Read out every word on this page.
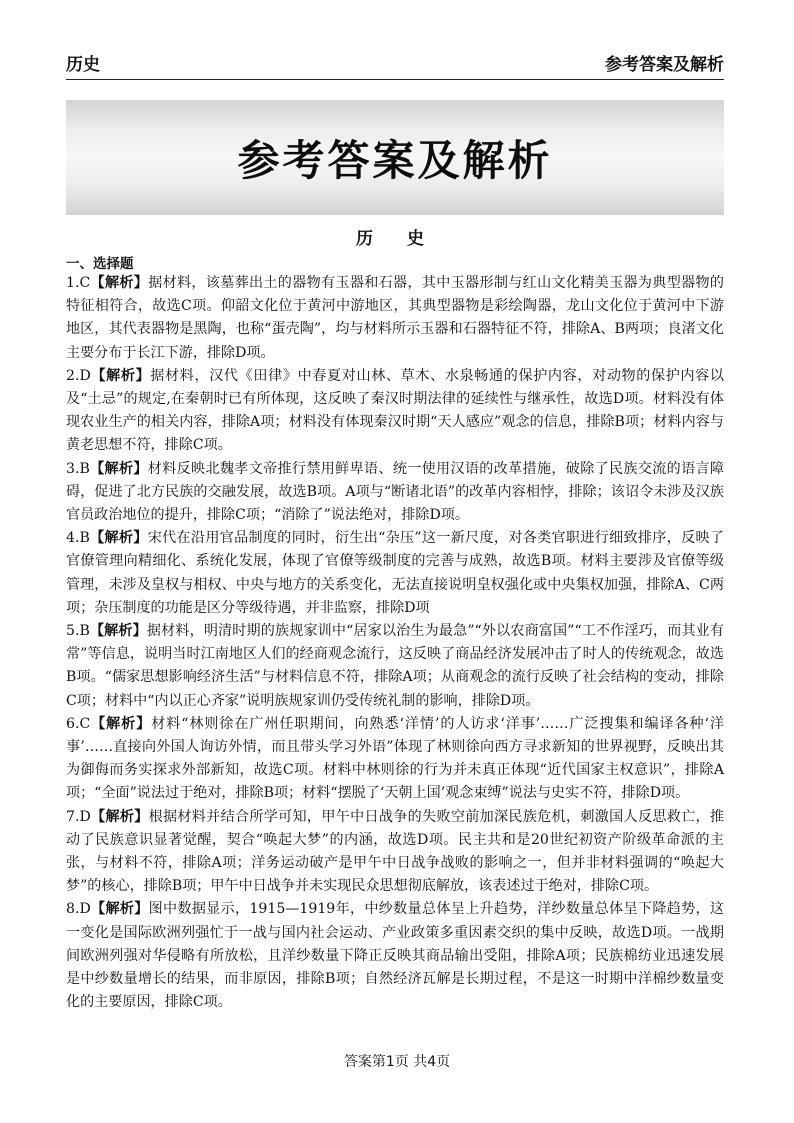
历史	参考答案及解析
参考答案及解析
历 史
一、选择题

1.C【解析】据材料，该墓葬出土的器物有玉器和石器，其中玉器形制与红山文化精美玉器为典型器物的特征相符合，故选C项。仰韶文化位于黄河中游地区，其典型器物是彩绘陶器，龙山文化位于黄河中下游地区，其代表器物是黑陶，也称“蛋壳陶”，均与材料所示玉器和石器特征不符，排除A、B两项；良渚文化主要分布于长江下游，排除D项。

2.D【解析】据材料，汉代《田律》中春夏对山林、草木、水泉畅通的保护内容，对动物的保护内容以及“土忌”的规定,在秦朝时已有所体现，这反映了秦汉时期法律的延续性与继承性，故选D项。材料没有体现农业生产的相关内容，排除A项；材料没有体现秦汉时期“天人感应”观念的信息，排除B项；材料内容与黄老思想不符，排除C项。

3.B【解析】材料反映北魏孝文帝推行禁用鲜卑语、统一使用汉语的改革措施，破除了民族交流的语言障碍，促进了北方民族的交融发展，故选B项。A项与“断诸北语”的改革内容相悖，排除；该诏令未涉及汉族官员政治地位的提升，排除C项；“消除了”说法绝对，排除D项。

4.B【解析】宋代在沿用官品制度的同时，衍生出“杂压”这一新尺度，对各类官职进行细致排序，反映了官僚管理向精细化、系统化发展，体现了官僚等级制度的完善与成熟，故选B项。材料主要涉及官僚等级管理，未涉及皇权与相权、中央与地方的关系变化，无法直接说明皇权强化或中央集权加强，排除A、C两项；杂压制度的功能是区分等级待遇，并非监察，排除D项

5.B【解析】据材料，明清时期的族规家训中“居家以治生为最急”“外以农商富国”“工不作淫巧，而其业有常”等信息，说明当时江南地区人们的经商观念流行，这反映了商品经济发展冲击了时人的传统观念，故选B项。“儒家思想影响经济生活”与材料信息不符，排除A项；从商观念的流行反映了社会结构的变动，排除C项；材料中“内以正心齐家”说明族规家训仍受传统礼制的影响，排除D项。

6.C【解析】材料“林则徐在广州任职期间，向熟悉‘洋情’的人访求‘洋事’……广泛搜集和编译各种‘洋事’……直接向外国人询访外情，而且带头学习外语”体现了林则徐向西方寻求新知的世界视野，反映出其为御侮而务实探求外部新知，故选C项。材料中林则徐的行为并未真正体现“近代国家主权意识”，排除A项；“全面”说法过于绝对，排除B项；材料“摆脱了‘天朝上国’观念束缚”说法与史实不符，排除D项。

7.D【解析】根据材料并结合所学可知，甲午中日战争的失败空前加深民族危机，刺激国人反思救亡，推动了民族意识显著觉醒，契合“唤起大梦”的内涵，故选D项。民主共和是20世纪初资产阶级革命派的主张，与材料不符，排除A项；洋务运动破产是甲午中日战争战败的影响之一，但并非材料强调的“唤起大梦”的核心，排除B项；甲午中日战争并未实现民众思想彻底解放，该表述过于绝对，排除C项。

8.D【解析】图中数据显示，1915—1919年，中纱数量总体呈上升趋势，洋纱数量总体呈下降趋势，这一变化是国际欧洲列强忙于一战与国内社会运动、产业政策多重因素交织的集中反映，故选D项。一战期间欧洲列强对华侵略有所放松，且洋纱数量下降正反映其商品输出受阻，排除A项；民族棉纺业迅速发展是中纱数量增长的结果，而非原因，排除B项；自然经济瓦解是长期过程，不是这一时期中洋棉纱数量变化的主要原因，排除C项。

答案第1页 共4页
